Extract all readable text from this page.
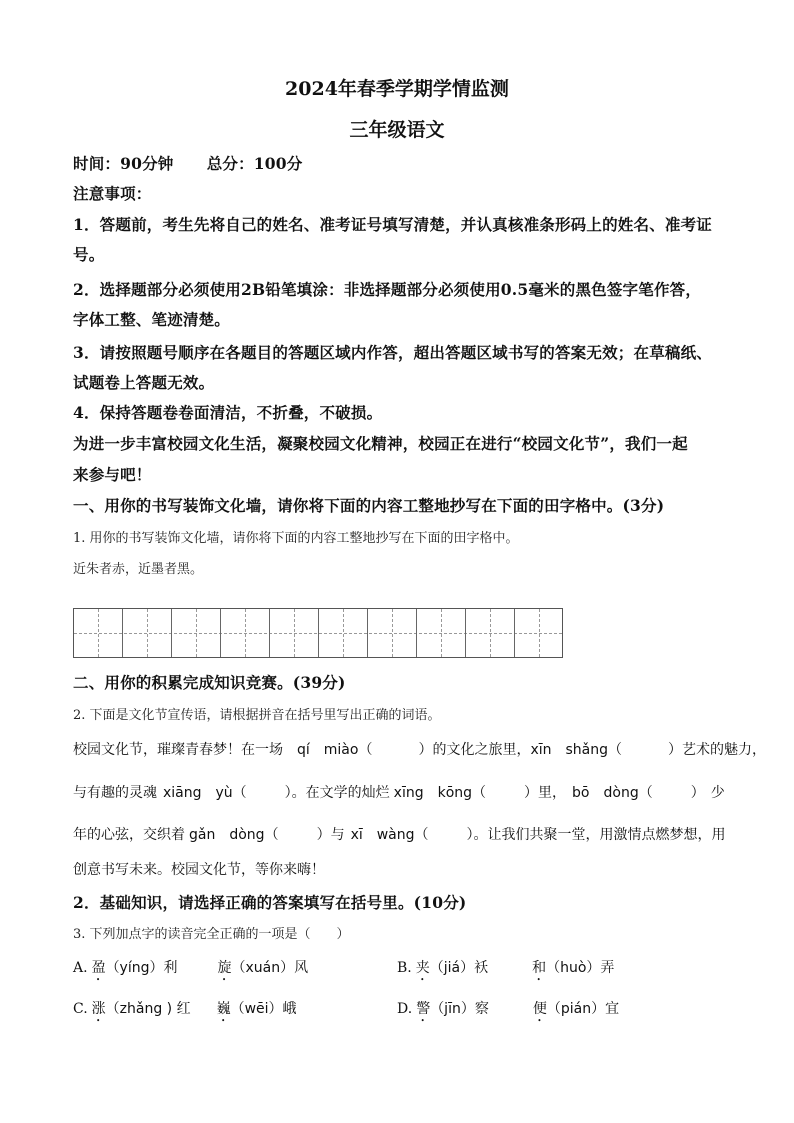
2024年春季学期学情监测
三年级语文
时间：90分钟 总分：100分
注意事项：
1．答题前，考生先将自己的姓名、准考证号填写清楚，并认真核准条形码上的姓名、准考证
号。
2．选择题部分必须使用2B铅笔填涂：非选择题部分必须使用0.5毫米的黑色签字笔作答，
字体工整、笔迹清楚。
3．请按照题号顺序在各题目的答题区域内作答，超出答题区域书写的答案无效；在草稿纸、
试题卷上答题无效。
4．保持答题卷卷面清洁，不折叠，不破损。
为进一步丰富校园文化生活，凝聚校园文化精神，校园正在进行“校园文化节”，我们一起
来参与吧！
一、用你的书写装饰文化墙，请你将下面的内容工整地抄写在下面的田字格中。(3分)
1. 用你的书写装饰文化墙，请你将下面的内容工整地抄写在下面的田字格中。
近朱者赤，近墨者黑。
二、用你的积累完成知识竞赛。(39分)
2. 下面是文化节宣传语，请根据拼音在括号里写出正确的词语。
校园文化节，璀璨青春梦！在一场 qí　miào（	）的文化之旅里，xīn　shǎng（	）艺术的魅力，
与有趣的灵魂 xiāng　yù（	）。在文学的灿烂 xīng　kōng（	）里， bō　dòng（	） 少
年的心弦，交织着 gǎn　dòng（	）与 xī　wàng（	）。让我们共聚一堂，用激情点燃梦想，用
创意书写未来。校园文化节，等你来嗨！
2．基础知识，请选择正确的答案填写在括号里。(10分)
3. 下列加点字的读音完全正确的一项是（　　）
A. 盈（yíng）利	旋（xuán）风	B. 夹（jiá）袄	和（huò）弄
C. 涨（zhǎng ) 红 巍（wēi）峨	D. 警（jīn）察	便（pián）宜
